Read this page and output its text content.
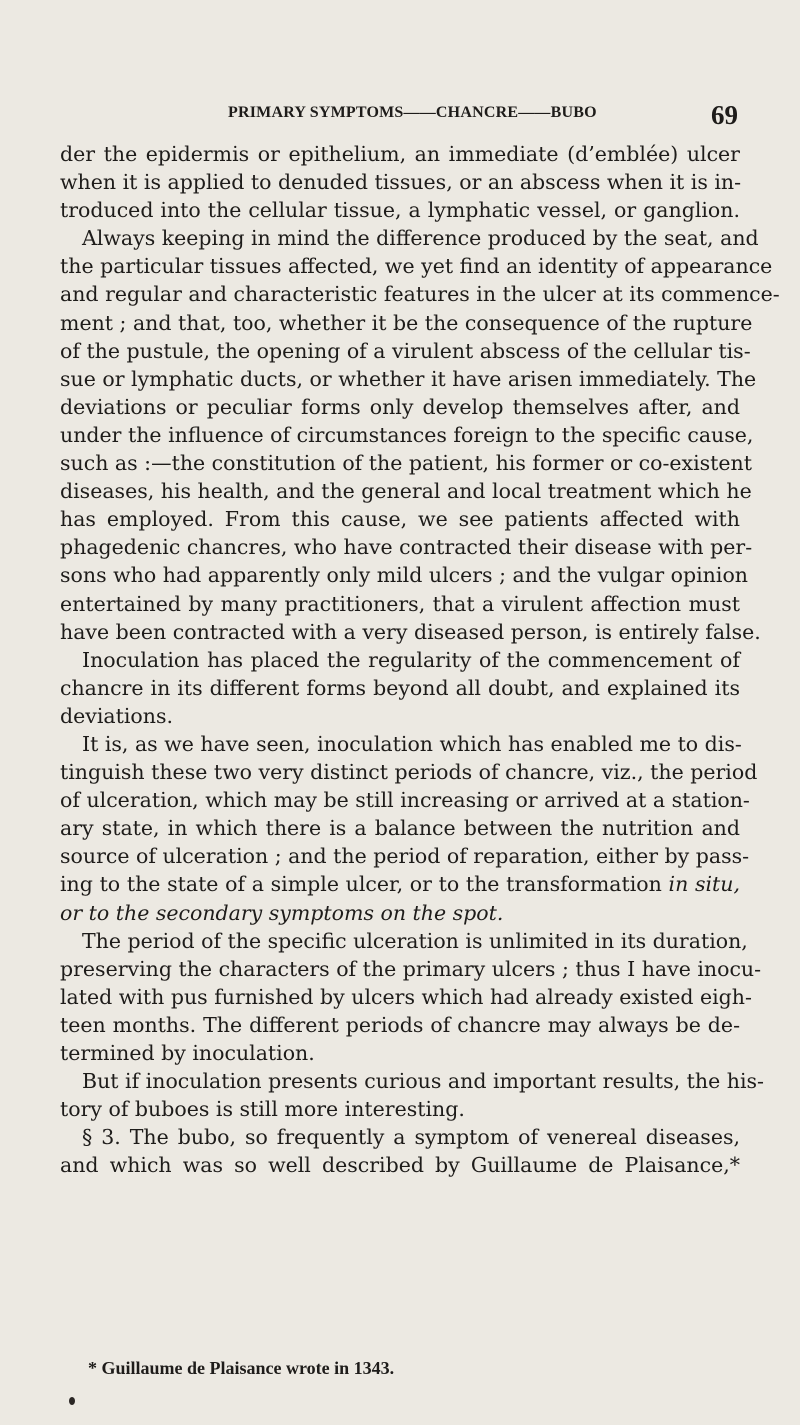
PRIMARY SYMPTOMS——CHANCRE——BUBO	69
der the epidermis or epithelium, an immediate (d’emblée) ulcer
when it is applied to denuded tissues, or an abscess when it is in-
troduced into the cellular tissue, a lymphatic vessel, or ganglion.
Always keeping in mind the difference produced by the seat, and
the particular tissues affected, we yet find an identity of appearance
and regular and characteristic features in the ulcer at its commence-
ment ; and that, too, whether it be the consequence of the rupture
of the pustule, the opening of a virulent abscess of the cellular tis-
sue or lymphatic ducts, or whether it have arisen immediately. The
deviations or peculiar forms only develop themselves after, and
under the influence of circumstances foreign to the specific cause,
such as :—the constitution of the patient, his former or co-existent
diseases, his health, and the general and local treatment which he
has employed. From this cause, we see patients affected with
phagedenic chancres, who have contracted their disease with per-
sons who had apparently only mild ulcers ; and the vulgar opinion
entertained by many practitioners, that a virulent affection must
have been contracted with a very diseased person, is entirely false.
Inoculation has placed the regularity of the commencement of
chancre in its different forms beyond all doubt, and explained its
deviations.
It is, as we have seen, inoculation which has enabled me to dis-
tinguish these two very distinct periods of chancre, viz., the period
of ulceration, which may be still increasing or arrived at a station-
ary state, in which there is a balance between the nutrition and
source of ulceration ; and the period of reparation, either by pass-
ing to the state of a simple ulcer, or to the transformation in situ,
or to the secondary symptoms on the spot.
The period of the specific ulceration is unlimited in its duration,
preserving the characters of the primary ulcers ; thus I have inocu-
lated with pus furnished by ulcers which had already existed eigh-
teen months. The different periods of chancre may always be de-
termined by inoculation.
But if inoculation presents curious and important results, the his-
tory of buboes is still more interesting.
§ 3. The bubo, so frequently a symptom of venereal diseases,
and which was so well described by Guillaume de Plaisance,*
* Guillaume de Plaisance wrote in 1343.
